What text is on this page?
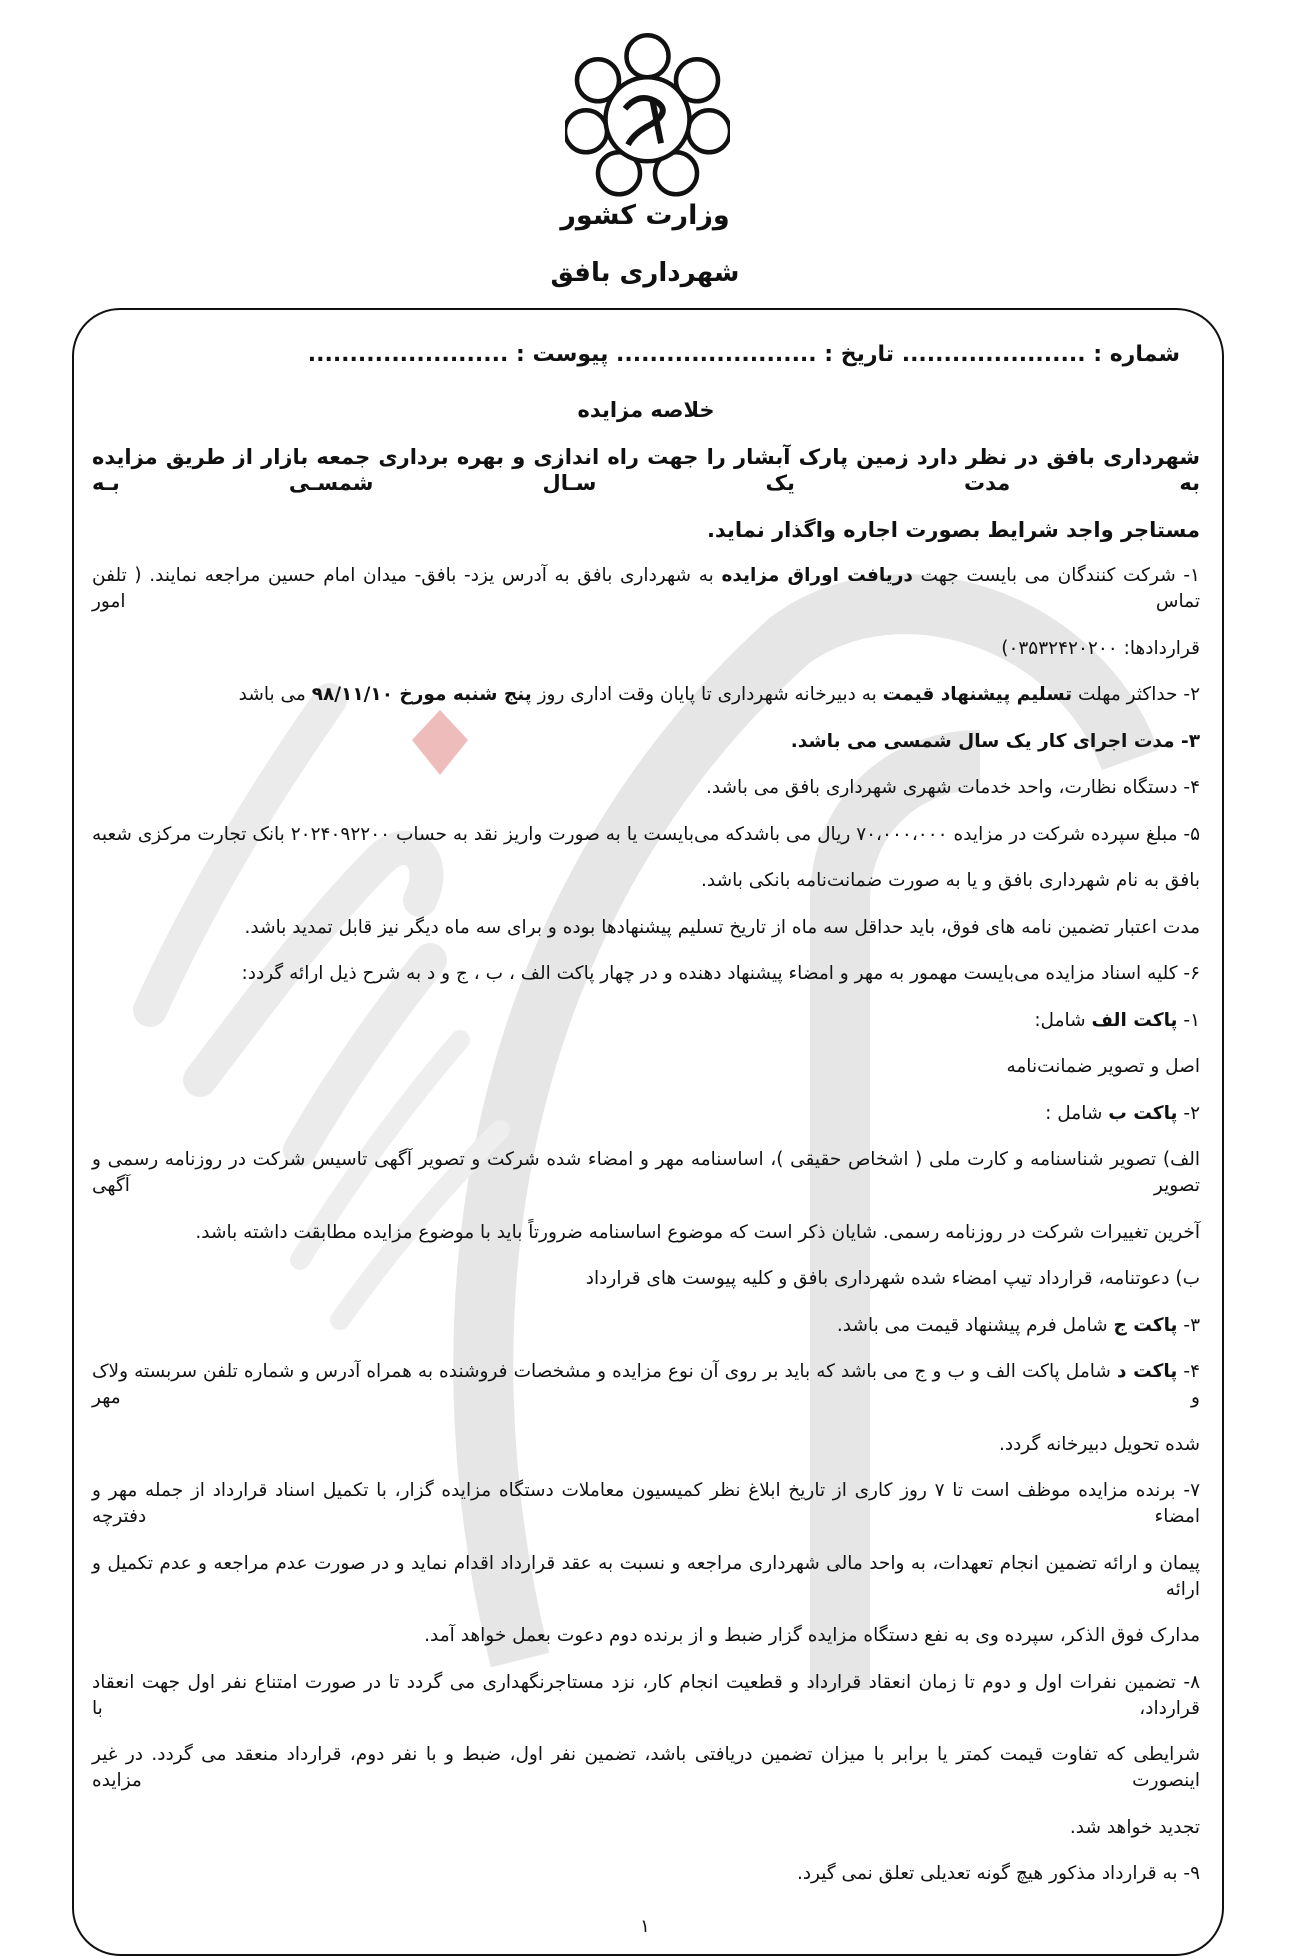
وزارت کشور
شهرداری بافق
شماره : ...................... تاریخ : ........................ پیوست : ........................
خلاصه مزایده
شهرداری بافق در نظر دارد زمین پارک آبشار را جهت راه اندازی و بهره برداری جمعه بازار از طریق مزایده به مدت یک سـال شمسـی بـه
مستاجر واجد شرایط بصورت اجاره واگذار نماید.
۱- شرکت کنندگان می بایست جهت دریافت اوراق مزایده به شهرداری بافق به آدرس یزد- بافق- میدان امام حسین مراجعه نمایند. ( تلفن تماس امور
قراردادها: ۰۳۵۳۲۴۲۰۲۰۰)
۲- حداکثر مهلت تسلیم پیشنهاد قیمت به دبیرخانه شهرداری تا پایان وقت اداری روز پنج شنبه مورخ ۹۸/۱۱/۱۰ می باشد
۳- مدت اجرای کار یک سال شمسی می باشد.
۴- دستگاه نظارت، واحد خدمات شهری شهرداری بافق می باشد.
۵- مبلغ سپرده شرکت در مزایده ۷۰،۰۰۰،۰۰۰ ریال می باشدکه می‌بایست یا به صورت واریز نقد به حساب ۲۰۲۴۰۹۲۲۰۰ بانک تجارت مرکزی شعبه
بافق به نام شهرداری بافق و یا به صورت ضمانت‌نامه بانکی باشد.
مدت اعتبار تضمین نامه های فوق، باید حداقل سه ماه از تاریخ تسلیم پیشنهادها بوده و برای سه ماه دیگر نیز قابل تمدید باشد.
۶- کلیه اسناد مزایده می‌بایست مهمور به مهر و امضاء پیشنهاد دهنده و در چهار پاکت الف ، ب ، ج و د به شرح ذیل ارائه گردد:
۱- پاکت الف شامل:
اصل و تصویر ضمانت‌نامه
۲- پاکت ب شامل :
الف) تصویر شناسنامه و کارت ملی ( اشخاص حقیقی )، اساسنامه مهر و امضاء شده شرکت و تصویر آگهی تاسیس شرکت در روزنامه رسمی و تصویر آگهی
آخرین تغییرات شرکت در روزنامه رسمی. شایان ذکر است که موضوع اساسنامه ضرورتاً باید با موضوع مزایده مطابقت داشته باشد.
ب) دعوتنامه، قرارداد تیپ امضاء شده شهرداری بافق و کلیه پیوست های قرارداد
۳- پاکت ج شامل فرم پیشنهاد قیمت می باشد.
۴- پاکت د شامل پاکت الف و ب و ج می باشد که باید بر روی آن نوع مزایده و مشخصات فروشنده به همراه آدرس و شماره تلفن سربسته ولاک و مهر
شده تحویل دبیرخانه گردد.
۷- برنده مزایده موظف است تا ۷ روز کاری از تاریخ ابلاغ نظر کمیسیون معاملات دستگاه مزایده گزار، با تکمیل اسناد قرارداد از جمله مهر و امضاء دفترچه
پیمان و ارائه تضمین انجام تعهدات، به واحد مالی شهرداری مراجعه و نسبت به عقد قرارداد اقدام نماید و در صورت عدم مراجعه و عدم تکمیل و ارائه
مدارک فوق الذکر، سپرده وی به نفع دستگاه مزایده گزار ضبط و از برنده دوم دعوت بعمل خواهد آمد.
۸- تضمین نفرات اول و دوم تا زمان انعقاد قرارداد و قطعیت انجام کار، نزد مستاجرنگهداری می گردد تا در صورت امتناع نفر اول جهت انعقاد قرارداد، با
شرایطی که تفاوت قیمت کمتر یا برابر با میزان تضمین دریافتی باشد، تضمین نفر اول، ضبط و با نفر دوم، قرارداد منعقد می گردد. در غیر اینصورت مزایده
تجدید خواهد شد.
۹- به قرارداد مذکور هیچ گونه تعدیلی تعلق نمی گیرد.
۱
